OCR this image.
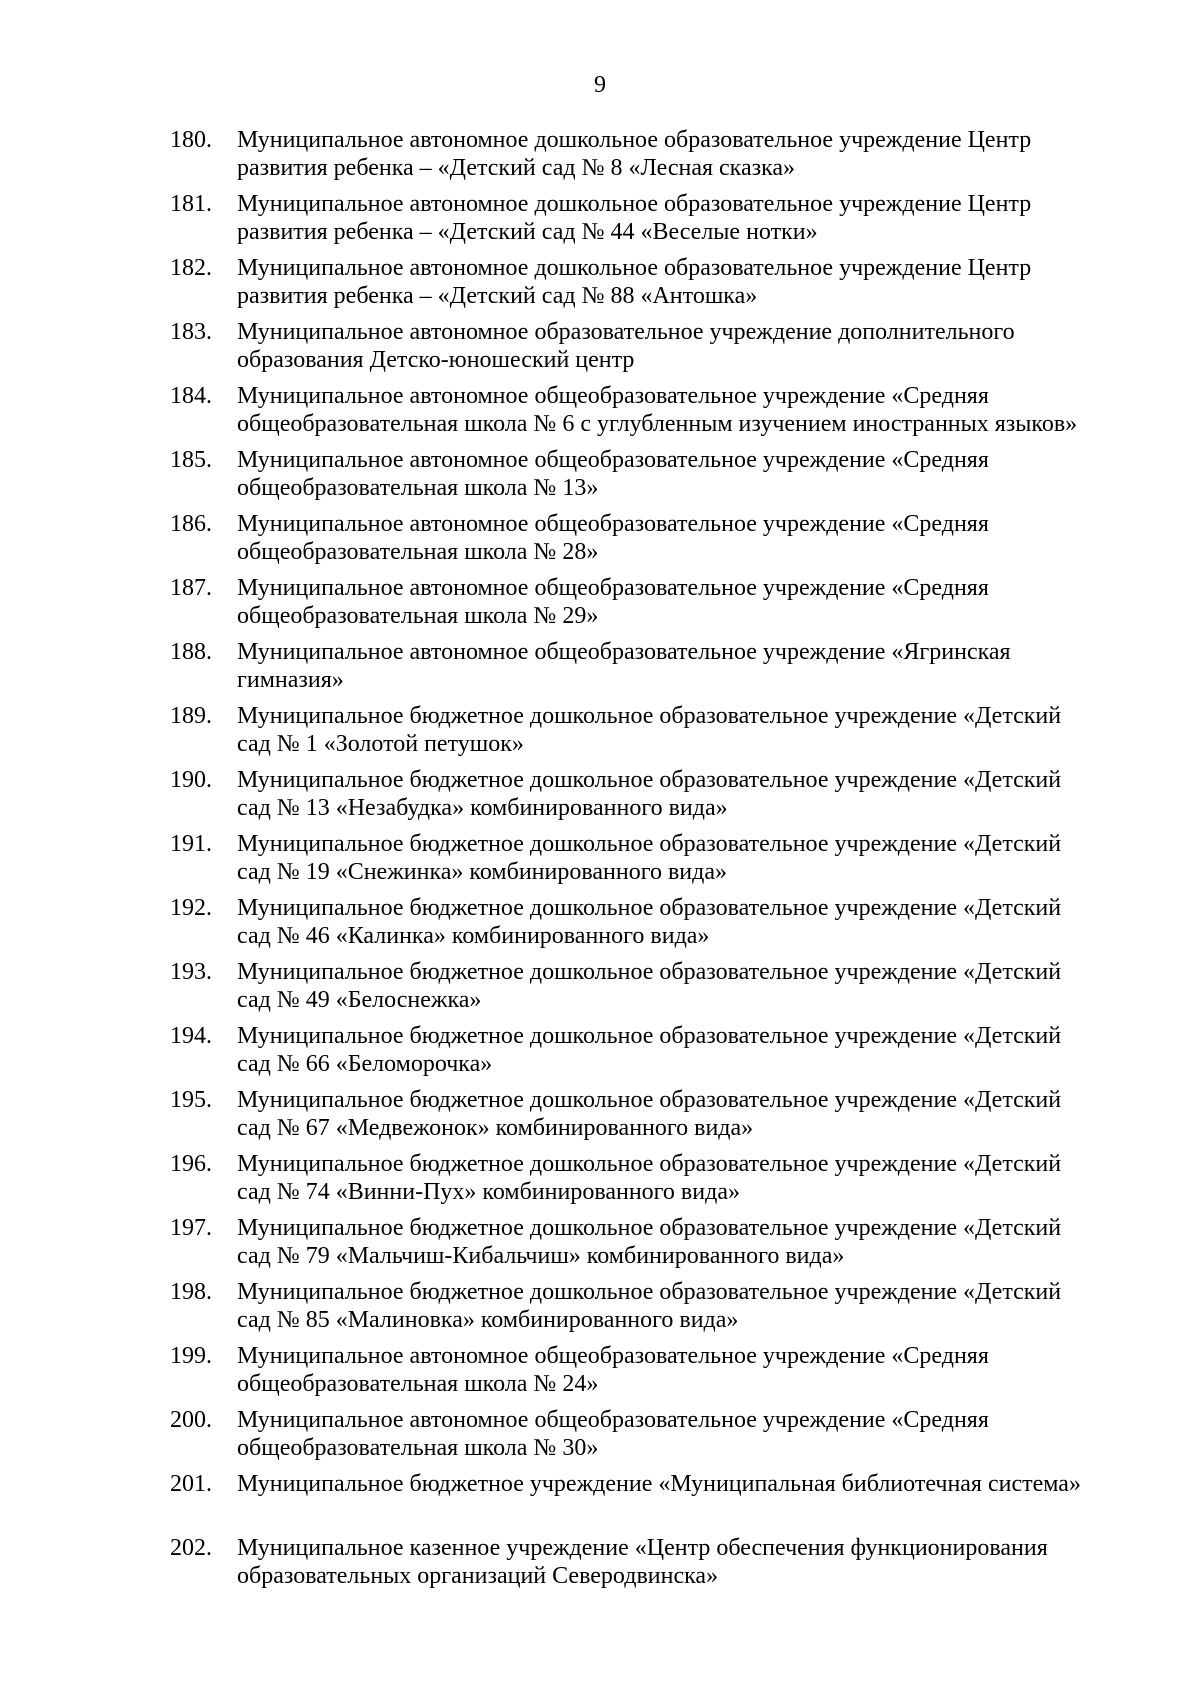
9
180.	Муниципальное автономное дошкольное образовательное учреждение Центр
развития ребенка – «Детский сад № 8 «Лесная сказка»
181.	Муниципальное автономное дошкольное образовательное учреждение Центр
развития ребенка – «Детский сад № 44 «Веселые нотки»
182.	Муниципальное автономное дошкольное образовательное учреждение Центр
развития ребенка – «Детский сад № 88 «Антошка»
183.	Муниципальное автономное образовательное учреждение дополнительного
образования Детско-юношеский центр
184.	Муниципальное автономное общеобразовательное учреждение «Средняя
общеобразовательная школа № 6 с углубленным изучением иностранных языков»
185.	Муниципальное автономное общеобразовательное учреждение «Средняя
общеобразовательная школа № 13»
186.	Муниципальное автономное общеобразовательное учреждение «Средняя
общеобразовательная школа № 28»
187.	Муниципальное автономное общеобразовательное учреждение «Средняя
общеобразовательная школа № 29»
188.	Муниципальное автономное общеобразовательное учреждение «Ягринская
гимназия»
189.	Муниципальное бюджетное дошкольное образовательное учреждение «Детский
сад № 1 «Золотой петушок»
190.	Муниципальное бюджетное дошкольное образовательное учреждение «Детский
сад № 13 «Незабудка» комбинированного вида»
191.	Муниципальное бюджетное дошкольное образовательное учреждение «Детский
сад № 19 «Снежинка» комбинированного вида»
192.	Муниципальное бюджетное дошкольное образовательное учреждение «Детский
сад № 46 «Калинка» комбинированного вида»
193.	Муниципальное бюджетное дошкольное образовательное учреждение «Детский
сад № 49 «Белоснежка»
194.	Муниципальное бюджетное дошкольное образовательное учреждение «Детский
сад № 66 «Беломорочка»
195.	Муниципальное бюджетное дошкольное образовательное учреждение «Детский
сад № 67 «Медвежонок» комбинированного вида»
196.	Муниципальное бюджетное дошкольное образовательное учреждение «Детский
сад № 74 «Винни-Пух» комбинированного вида»
197.	Муниципальное бюджетное дошкольное образовательное учреждение «Детский
сад № 79 «Мальчиш-Кибальчиш» комбинированного вида»
198.	Муниципальное бюджетное дошкольное образовательное учреждение «Детский
сад № 85 «Малиновка» комбинированного вида»
199.	Муниципальное автономное общеобразовательное учреждение «Средняя
общеобразовательная школа № 24»
200.	Муниципальное автономное общеобразовательное учреждение «Средняя
общеобразовательная школа № 30»
201.	Муниципальное бюджетное учреждение «Муниципальная библиотечная система»
202.	Муниципальное казенное учреждение «Центр обеспечения функционирования
образовательных организаций Северодвинска»
